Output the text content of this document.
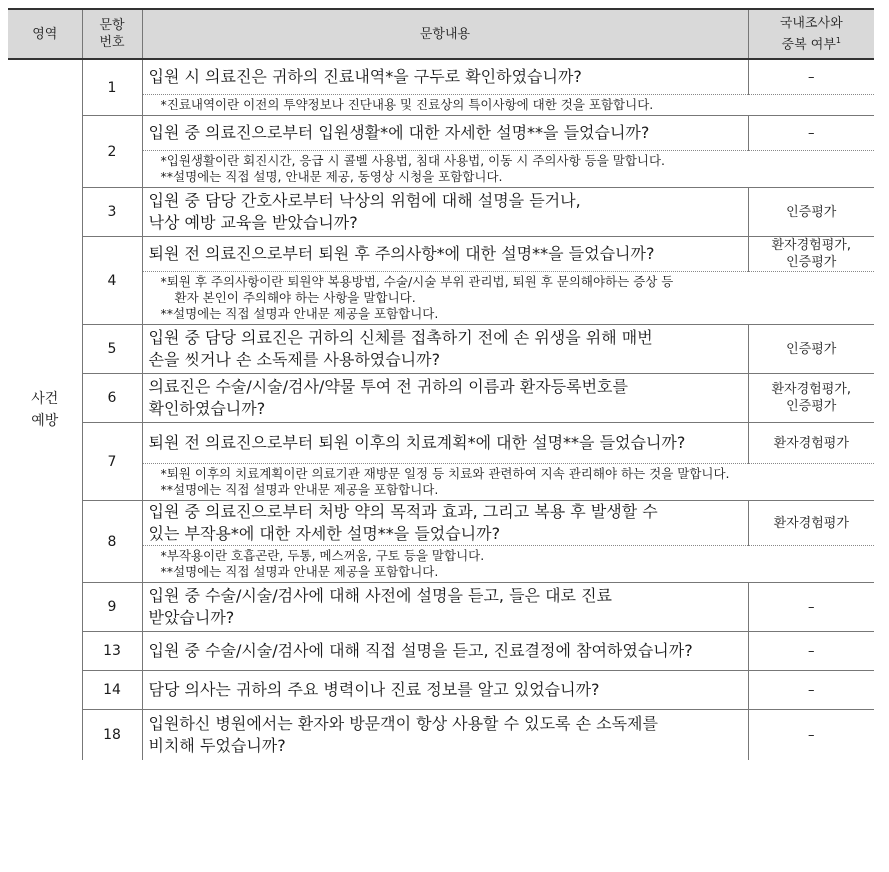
영역	문항
번호	문항내용	국내조사와
중복 여부$^1$
사건
예방	1	입원 시 의료진은 귀하의 진료내역*을 구두로 확인하였습니까?	–

		*진료내역이란 이전의 투약정보나 진단내용 및 진료상의 특이사항에 대한 것을 포함합니다.	

	2	입원 중 의료진으로부터 입원생활*에 대한 자세한 설명**을 들었습니까?	–

		*입원생활이란 회진시간, 응급 시 콜벨 사용법, 침대 사용법, 이동 시 주의사항 등을 말합니다.
**설명에는 직접 설명, 안내문 제공, 동영상 시청을 포함합니다.	

	3	입원 중 담당 간호사로부터 낙상의 위험에 대해 설명을 듣거나,
낙상 예방 교육을 받았습니까?	인증평가
	4	퇴원 전 의료진으로부터 퇴원 후 주의사항*에 대한 설명**을 들었습니까?	환자경험평가,
인증평가

		*퇴원 후 주의사항이란 퇴원약 복용방법, 수술/시술 부위 관리법, 퇴원 후 문의해야하는 증상 등
환자 본인이 주의해야 하는 사항을 말합니다.
**설명에는 직접 설명과 안내문 제공을 포함합니다.	

	5	입원 중 담당 의료진은 귀하의 신체를 접촉하기 전에 손 위생을 위해 매번
손을 씻거나 손 소독제를 사용하였습니까?	인증평가
	6	의료진은 수술/시술/검사/약물 투여 전 귀하의 이름과 환자등록번호를
확인하였습니까?	환자경험평가,
인증평가
	7	퇴원 전 의료진으로부터 퇴원 이후의 치료계획*에 대한 설명**을 들었습니까?	환자경험평가

		*퇴원 이후의 치료계획이란 의료기관 재방문 일정 등 치료와 관련하여 지속 관리해야 하는 것을 말합니다.
**설명에는 직접 설명과 안내문 제공을 포함합니다.	

	8	입원 중 의료진으로부터 처방 약의 목적과 효과, 그리고 복용 후 발생할 수
있는 부작용*에 대한 자세한 설명**을 들었습니까?	환자경험평가

		*부작용이란 호흡곤란, 두통, 메스꺼움, 구토 등을 말합니다.
**설명에는 직접 설명과 안내문 제공을 포함합니다.	

	9	입원 중 수술/시술/검사에 대해 사전에 설명을 듣고, 들은 대로 진료
받았습니까?	–
	13	입원 중 수술/시술/검사에 대해 직접 설명을 듣고, 진료결정에 참여하였습니까?	–
	14	담당 의사는 귀하의 주요 병력이나 진료 정보를 알고 있었습니까?	–
	18	입원하신 병원에서는 환자와 방문객이 항상 사용할 수 있도록 손 소독제를
비치해 두었습니까?	–
